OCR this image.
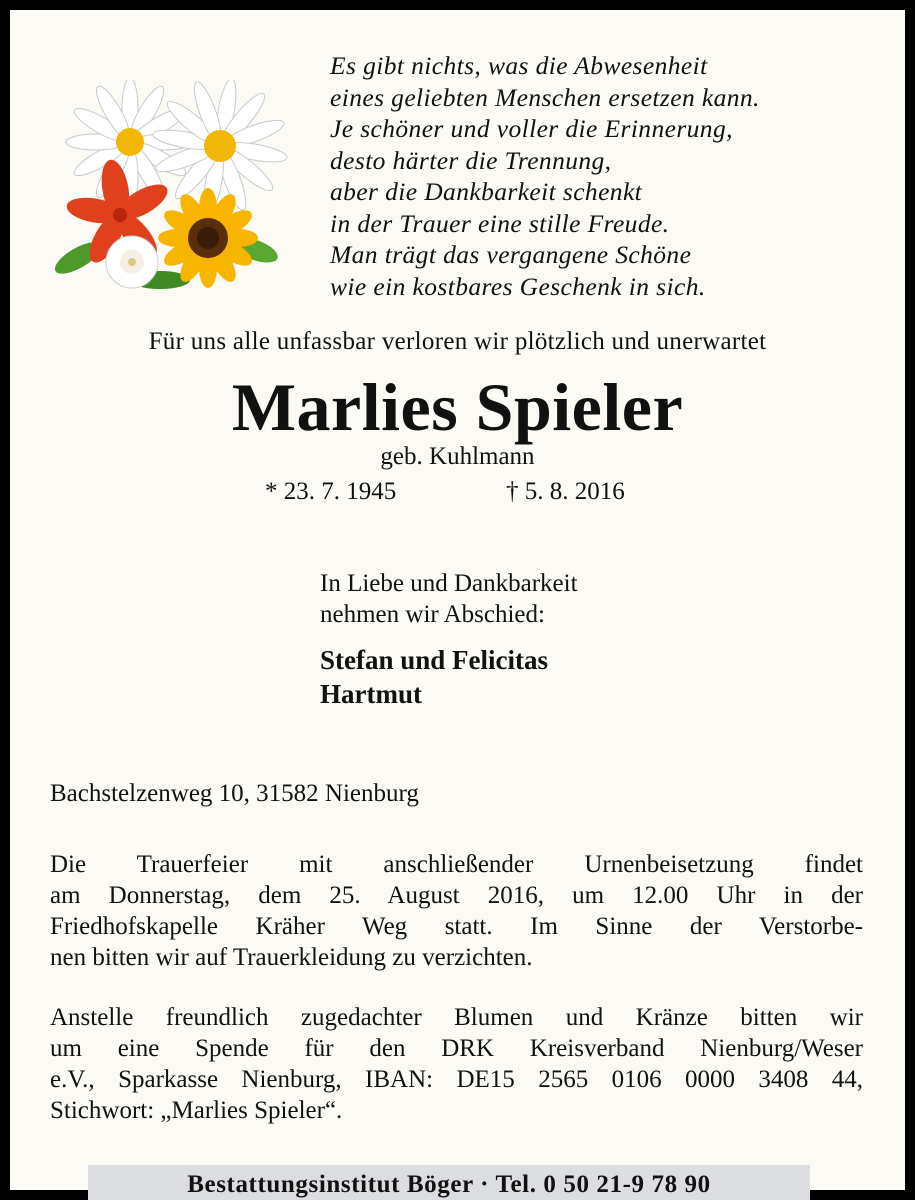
Es gibt nichts, was die Abwesenheit
eines geliebten Menschen ersetzen kann.
Je schöner und voller die Erinnerung,
desto härter die Trennung,
aber die Dankbarkeit schenkt
in der Trauer eine stille Freude.
Man trägt das vergangene Schöne
wie ein kostbares Geschenk in sich.
Für uns alle unfassbar verloren wir plötzlich und unerwartet
Marlies Spieler
geb. Kuhlmann
* 23. 7. 1945	† 5. 8. 2016
In Liebe und Dankbarkeit
nehmen wir Abschied:
Stefan und Felicitas
Hartmut
Bachstelzenweg 10, 31582 Nienburg
Die Trauerfeier mit anschließender Urnenbeisetzung findet
am Donnerstag, dem 25. August 2016, um 12.00 Uhr in der
Friedhofskapelle Kräher Weg statt. Im Sinne der Verstorbe-
nen bitten wir auf Trauerkleidung zu verzichten.
Anstelle freundlich zugedachter Blumen und Kränze bitten wir
um eine Spende für den DRK Kreisverband Nienburg/Weser
e.V., Sparkasse Nienburg, IBAN: DE15 2565 0106 0000 3408 44,
Stichwort: „Marlies Spieler“.
Bestattungsinstitut Böger · Tel. 0 50 21-9 78 90
